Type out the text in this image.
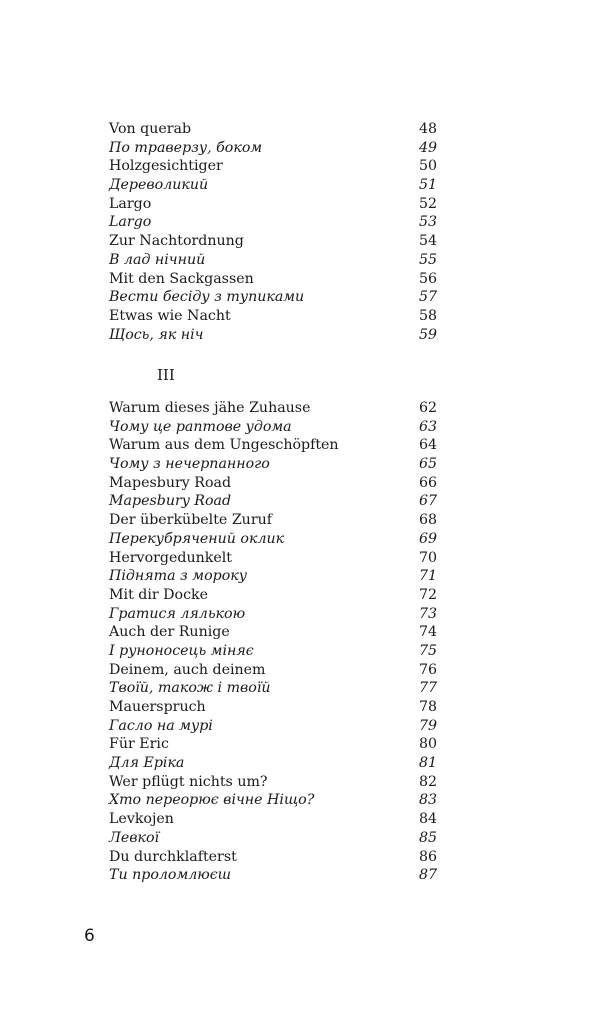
Von querab	48
По траверзу, боком	49
Holzgesichtiger	50
Дереволикий	51
Largo	52
Largo	53
Zur Nachtordnung	54
В лад нічний	55
Mit den Sackgassen	56
Вести бесіду з тупиками	57
Etwas wie Nacht	58
Щось, як ніч	59
III
Warum dieses jähe Zuhause	62
Чому це раптове удома	63
Warum aus dem Ungeschöpften	64
Чому з нечерпанного	65
Mapesbury Road	66
Mapesbury Road	67
Der überkübelte Zuruf	68
Перекубрячений оклик	69
Hervorgedunkelt	70
Піднята з мороку	71
Mit dir Docke	72
Гратися лялькою	73
Auch der Runige	74
І руноносець міняє	75
Deinem, auch deinem	76
Твоїй, також і твоїй	77
Mauerspruch	78
Гасло на мурі	79
Für Eric	80
Для Еріка	81
Wer pflügt nichts um?	82
Хто переорює вічне Ніщо?	83
Levkojen	84
Левкої	85
Du durchklafterst	86
Ти проломлюєш	87
6
